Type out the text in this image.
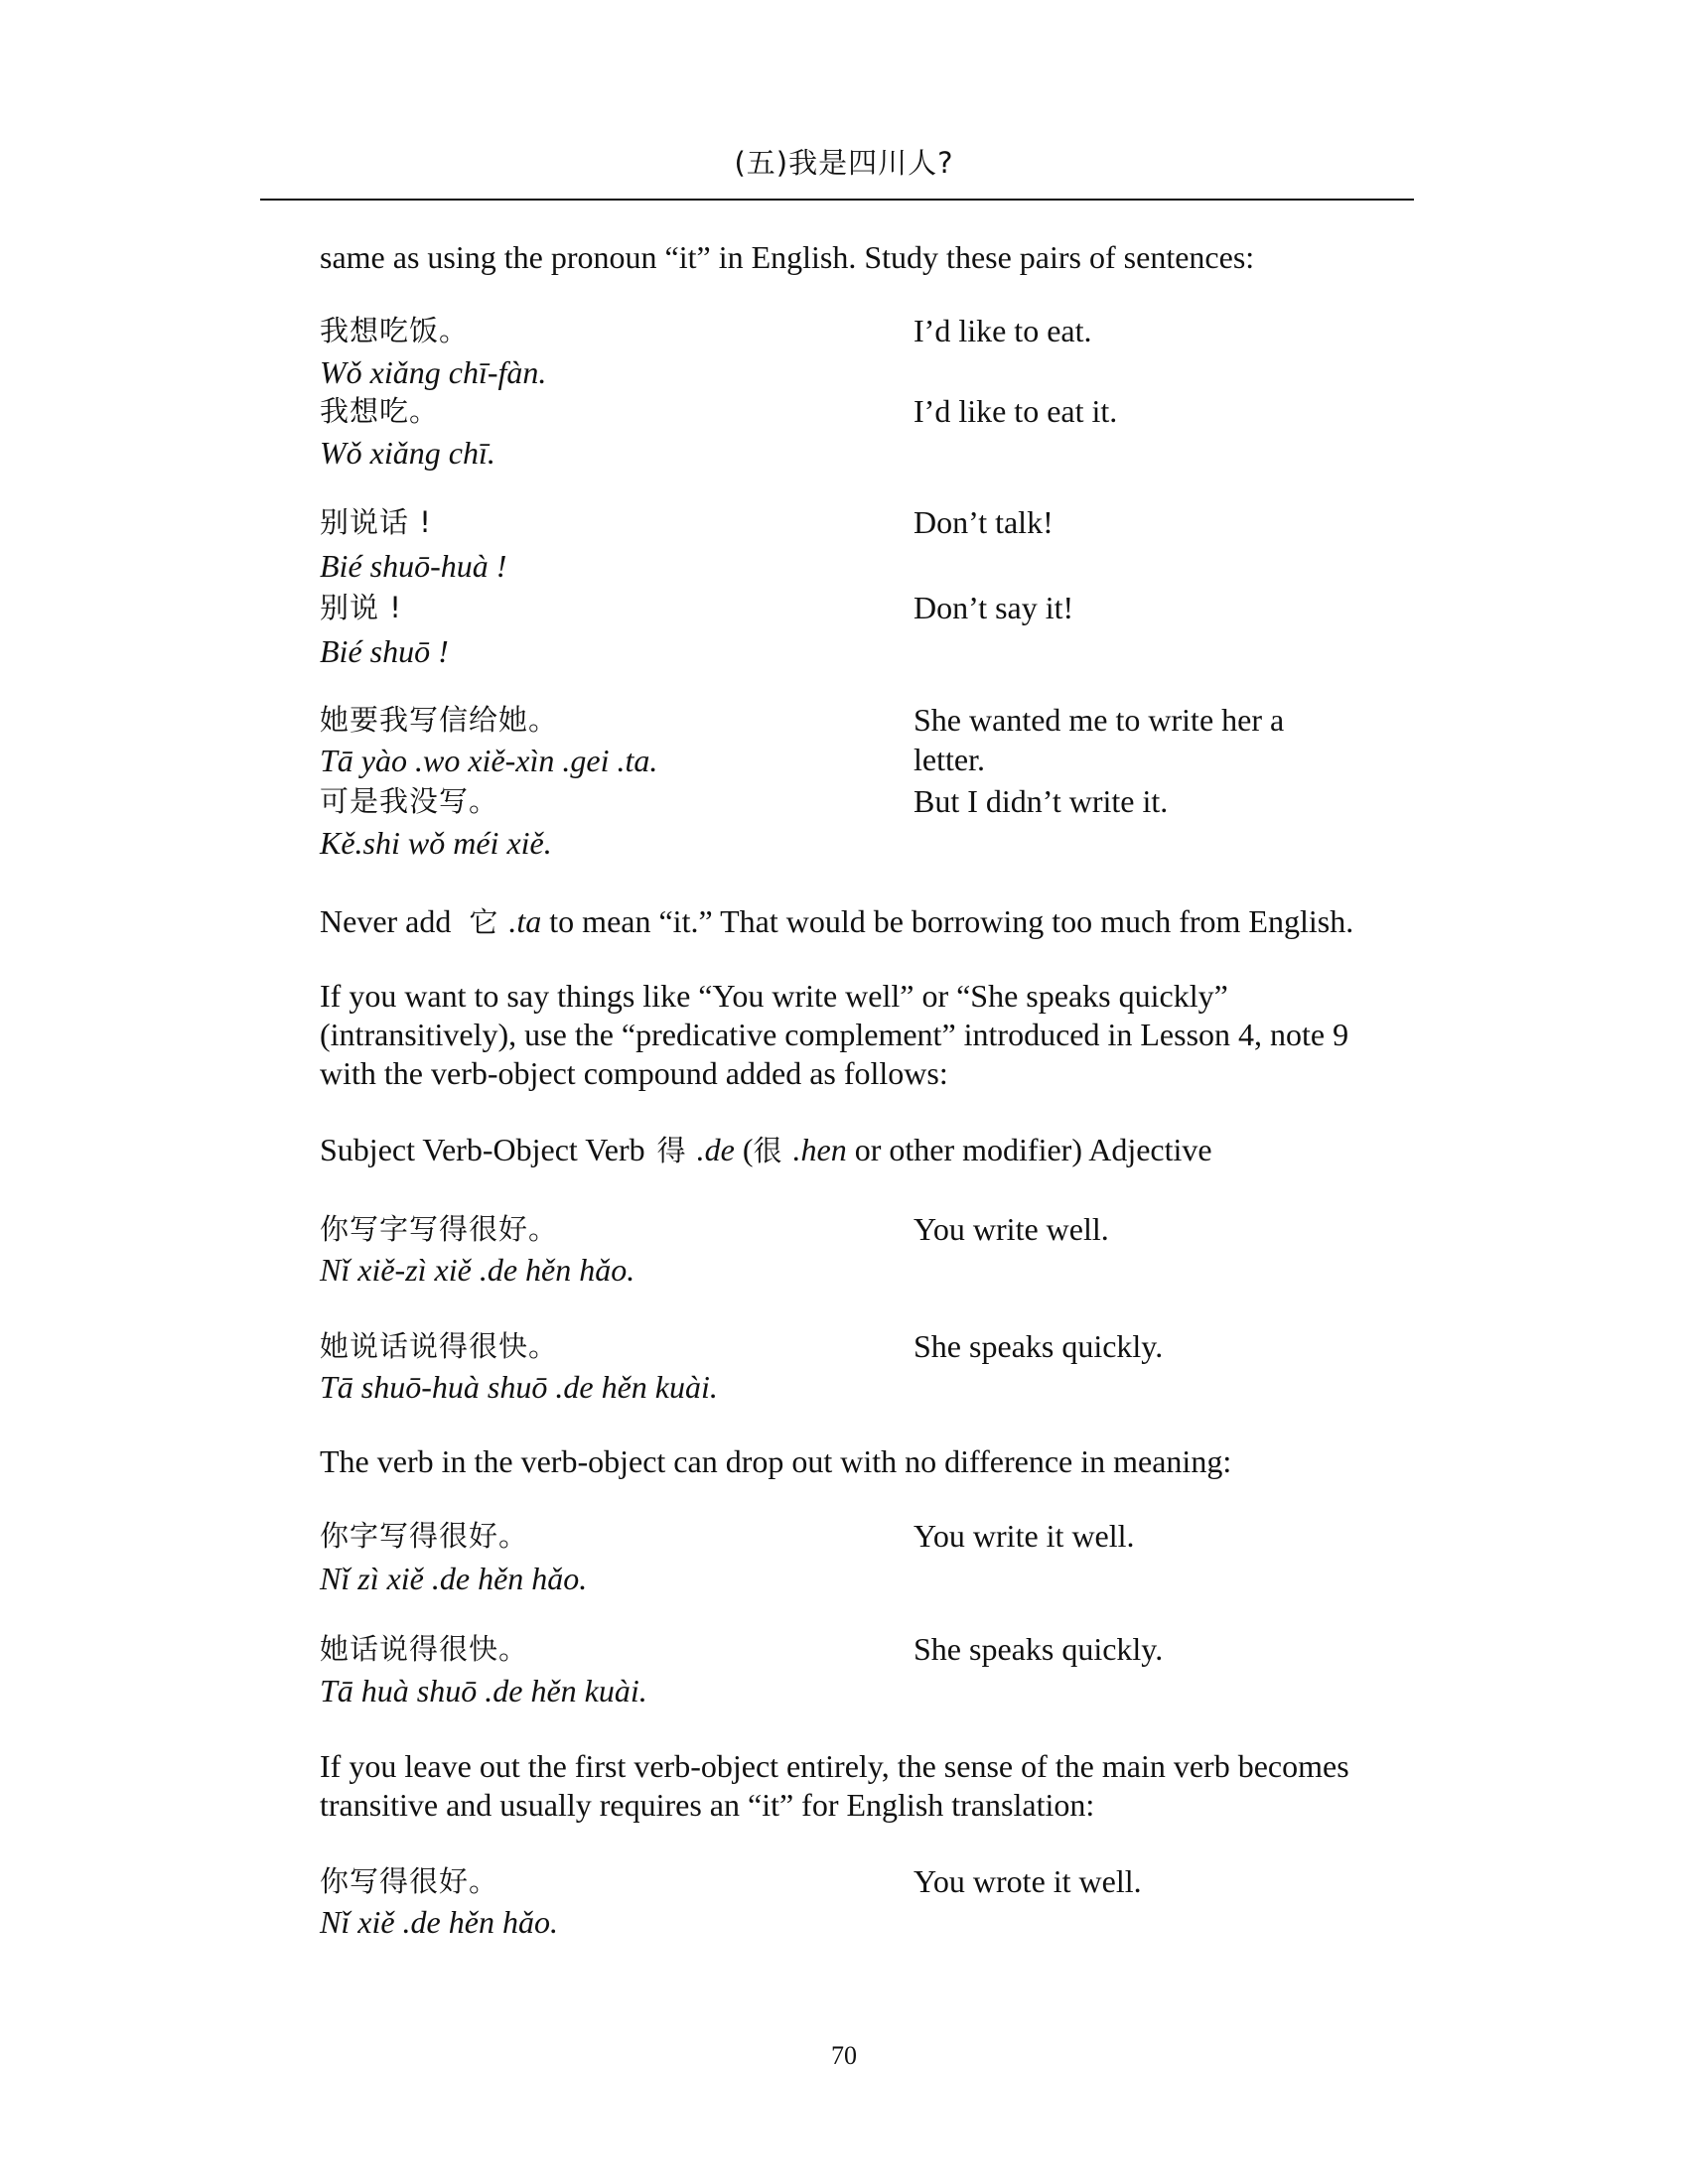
(五)我是四川人?
same as using the pronoun “it” in English. Study these pairs of sentences:
我想吃饭。
Wǒ xiǎng chī-fàn.
I’d like to eat.
我想吃。
Wǒ xiǎng chī.
I’d like to eat it.
别说话 !
Bié shuō-huà !
Don’t talk!
别说 !
Bié shuō !
Don’t say it!
她要我写信给她。
Tā yào .wo xiě-xìn .gei .ta.
She wanted me to write her a
letter.
可是我没写。
Kě.shi wǒ méi xiě.
But I didn’t write it.
Never add 它 .ta to mean “it.” That would be borrowing too much from English.
If you want to say things like “You write well” or “She speaks quickly”
(intransitively), use the “predicative complement” introduced in Lesson 4, note 9
with the verb-object compound added as follows:
Subject Verb-Object Verb 得 .de (很 .hen or other modifier) Adjective
你写字写得很好。
Nǐ xiě-zì xiě .de hěn hǎo.
You write well.
她说话说得很快。
Tā shuō-huà shuō .de hěn kuài.
She speaks quickly.
The verb in the verb-object can drop out with no difference in meaning:
你字写得很好。
Nǐ zì xiě .de hěn hǎo.
You write it well.
她话说得很快。
Tā huà shuō .de hěn kuài.
She speaks quickly.
If you leave out the first verb-object entirely, the sense of the main verb becomes
transitive and usually requires an “it” for English translation:
你写得很好。
Nǐ xiě .de hěn hǎo.
You wrote it well.
70
